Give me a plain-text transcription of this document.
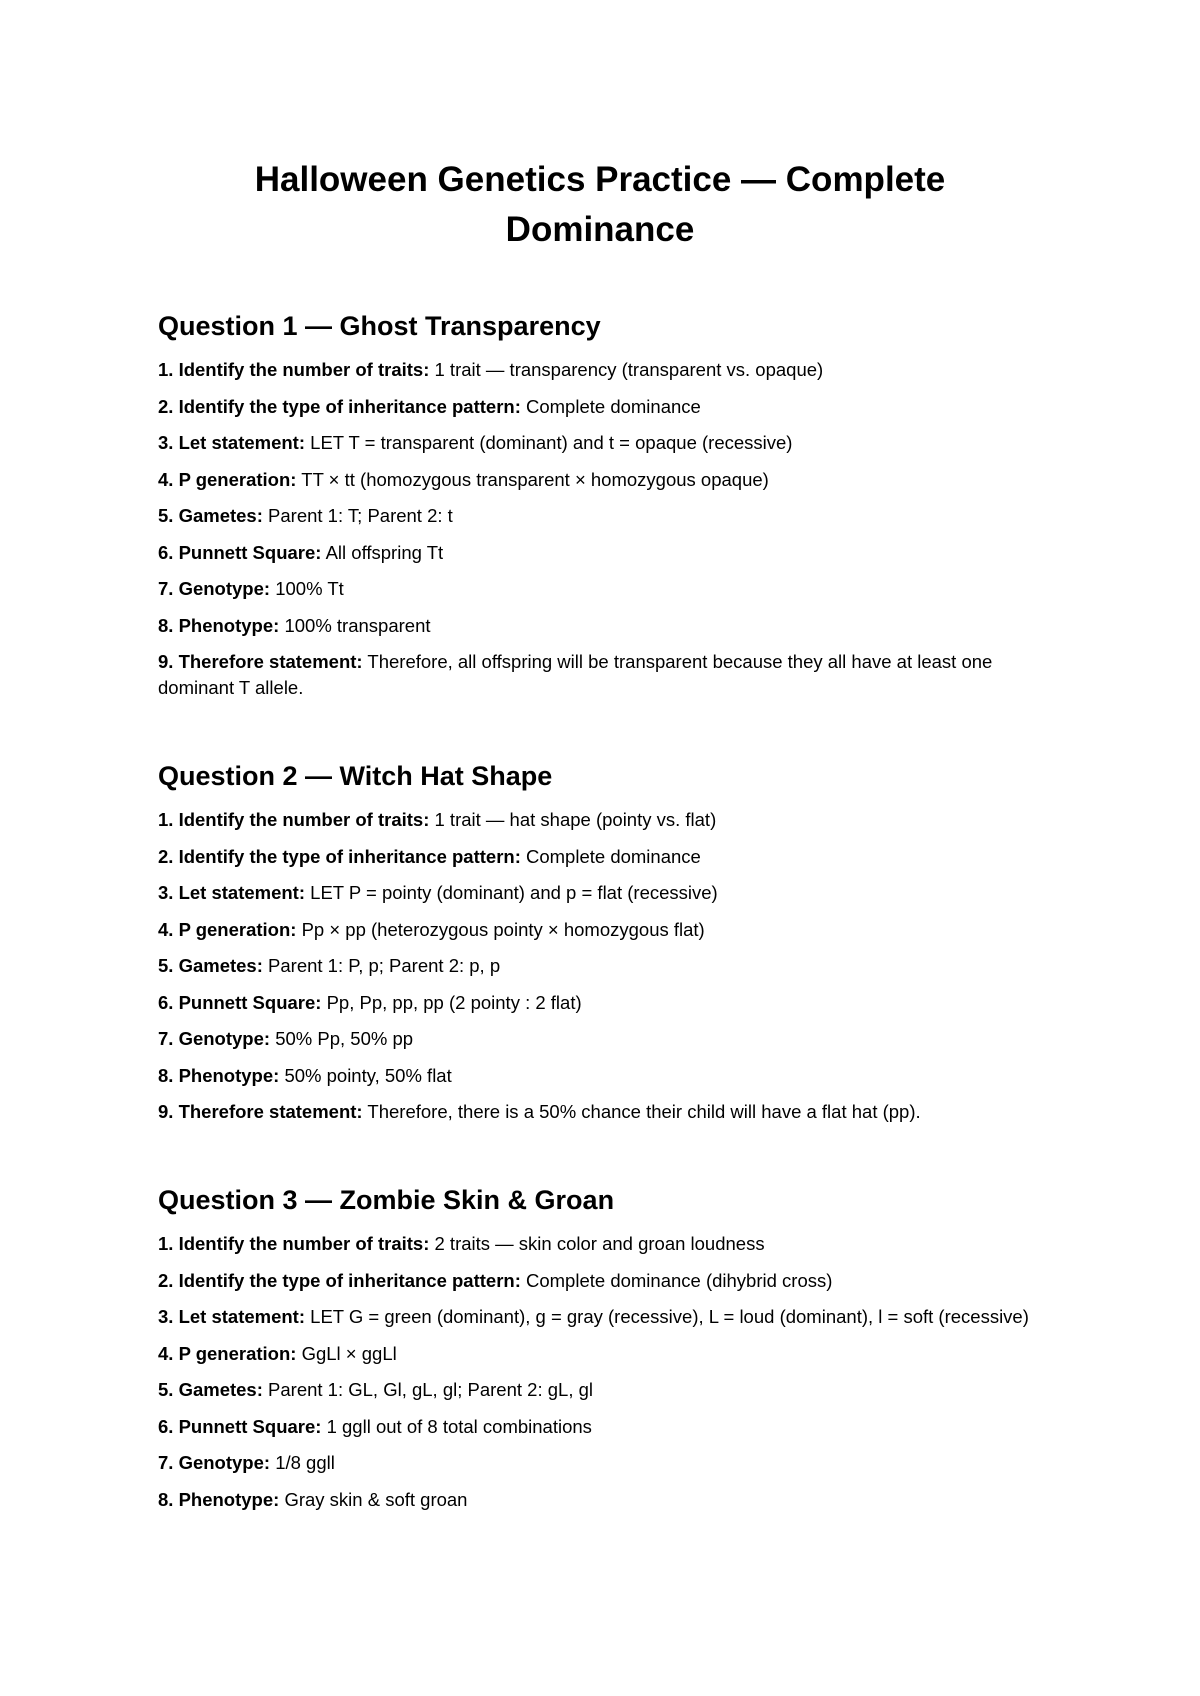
Halloween Genetics Practice — Complete Dominance
Question 1 — Ghost Transparency
1. Identify the number of traits: 1 trait — transparency (transparent vs. opaque)
2. Identify the type of inheritance pattern: Complete dominance
3. Let statement: LET T = transparent (dominant) and t = opaque (recessive)
4. P generation: TT × tt (homozygous transparent × homozygous opaque)
5. Gametes: Parent 1: T; Parent 2: t
6. Punnett Square: All offspring Tt
7. Genotype: 100% Tt
8. Phenotype: 100% transparent
9. Therefore statement: Therefore, all offspring will be transparent because they all have at least one dominant T allele.
Question 2 — Witch Hat Shape
1. Identify the number of traits: 1 trait — hat shape (pointy vs. flat)
2. Identify the type of inheritance pattern: Complete dominance
3. Let statement: LET P = pointy (dominant) and p = flat (recessive)
4. P generation: Pp × pp (heterozygous pointy × homozygous flat)
5. Gametes: Parent 1: P, p; Parent 2: p, p
6. Punnett Square: Pp, Pp, pp, pp (2 pointy : 2 flat)
7. Genotype: 50% Pp, 50% pp
8. Phenotype: 50% pointy, 50% flat
9. Therefore statement: Therefore, there is a 50% chance their child will have a flat hat (pp).
Question 3 — Zombie Skin & Groan
1. Identify the number of traits: 2 traits — skin color and groan loudness
2. Identify the type of inheritance pattern: Complete dominance (dihybrid cross)
3. Let statement: LET G = green (dominant), g = gray (recessive), L = loud (dominant), l = soft (recessive)
4. P generation: GgLl × ggLl
5. Gametes: Parent 1: GL, Gl, gL, gl; Parent 2: gL, gl
6. Punnett Square: 1 ggll out of 8 total combinations
7. Genotype: 1/8 ggll
8. Phenotype: Gray skin & soft groan
